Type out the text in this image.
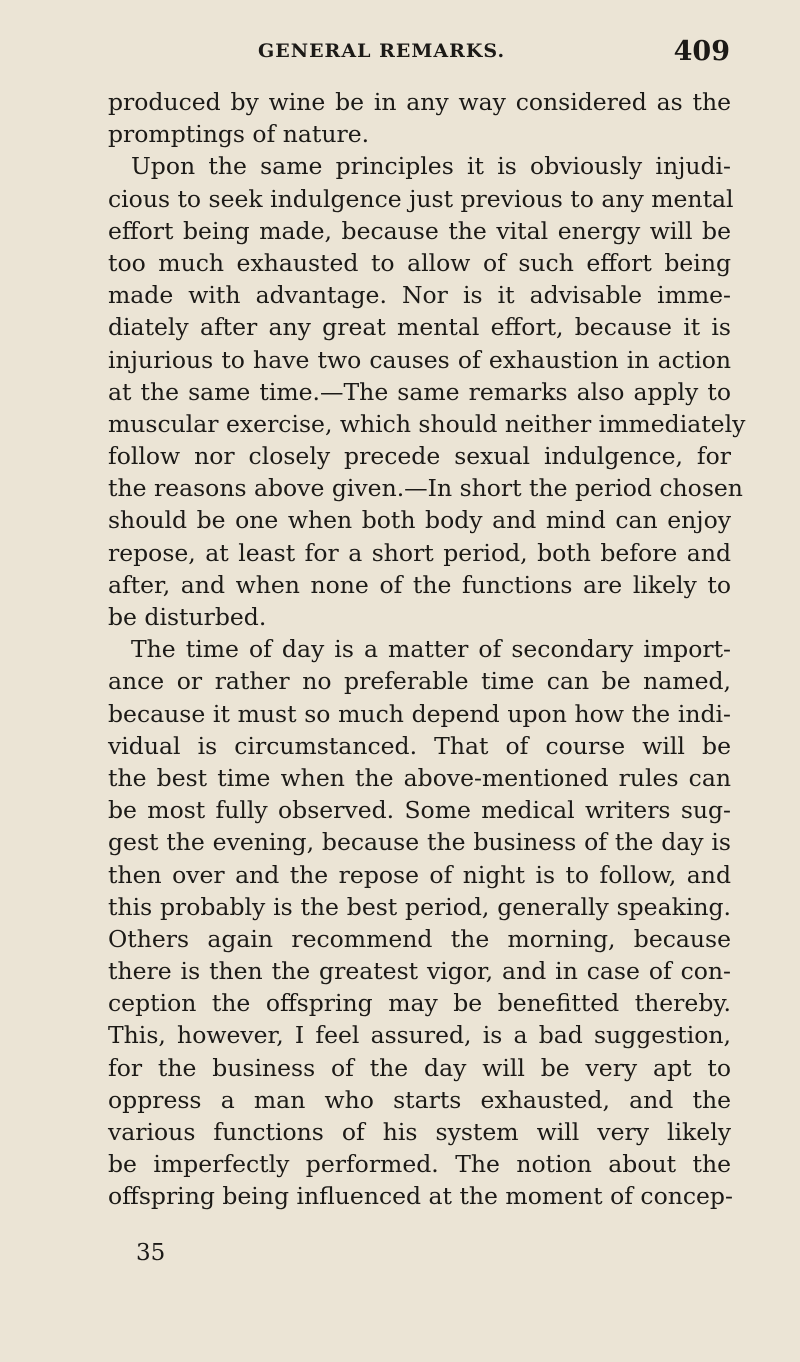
GENERAL REMARKS.	409
produced by wine be in any way considered as the
promptings of nature.
Upon the same principles it is obviously injudi-
cious to seek indulgence just previous to any mental
effort being made, because the vital energy will be
too much exhausted to allow of such effort being
made with advantage. Nor is it advisable imme-
diately after any great mental effort, because it is
injurious to have two causes of exhaustion in action
at the same time.—The same remarks also apply to
muscular exercise, which should neither immediately
follow nor closely precede sexual indulgence, for
the reasons above given.—In short the period chosen
should be one when both body and mind can enjoy
repose, at least for a short period, both before and
after, and when none of the functions are likely to
be disturbed.
The time of day is a matter of secondary import-
ance or rather no preferable time can be named,
because it must so much depend upon how the indi-
vidual is circumstanced. That of course will be
the best time when the above-mentioned rules can
be most fully observed. Some medical writers sug-
gest the evening, because the business of the day is
then over and the repose of night is to follow, and
this probably is the best period, generally speaking.
Others again recommend the morning, because
there is then the greatest vigor, and in case of con-
ception the offspring may be benefitted thereby.
This, however, I feel assured, is a bad suggestion,
for the business of the day will be very apt to
oppress a man who starts exhausted, and the
various functions of his system will very likely
be imperfectly performed. The notion about the
offspring being influenced at the moment of concep-
35
